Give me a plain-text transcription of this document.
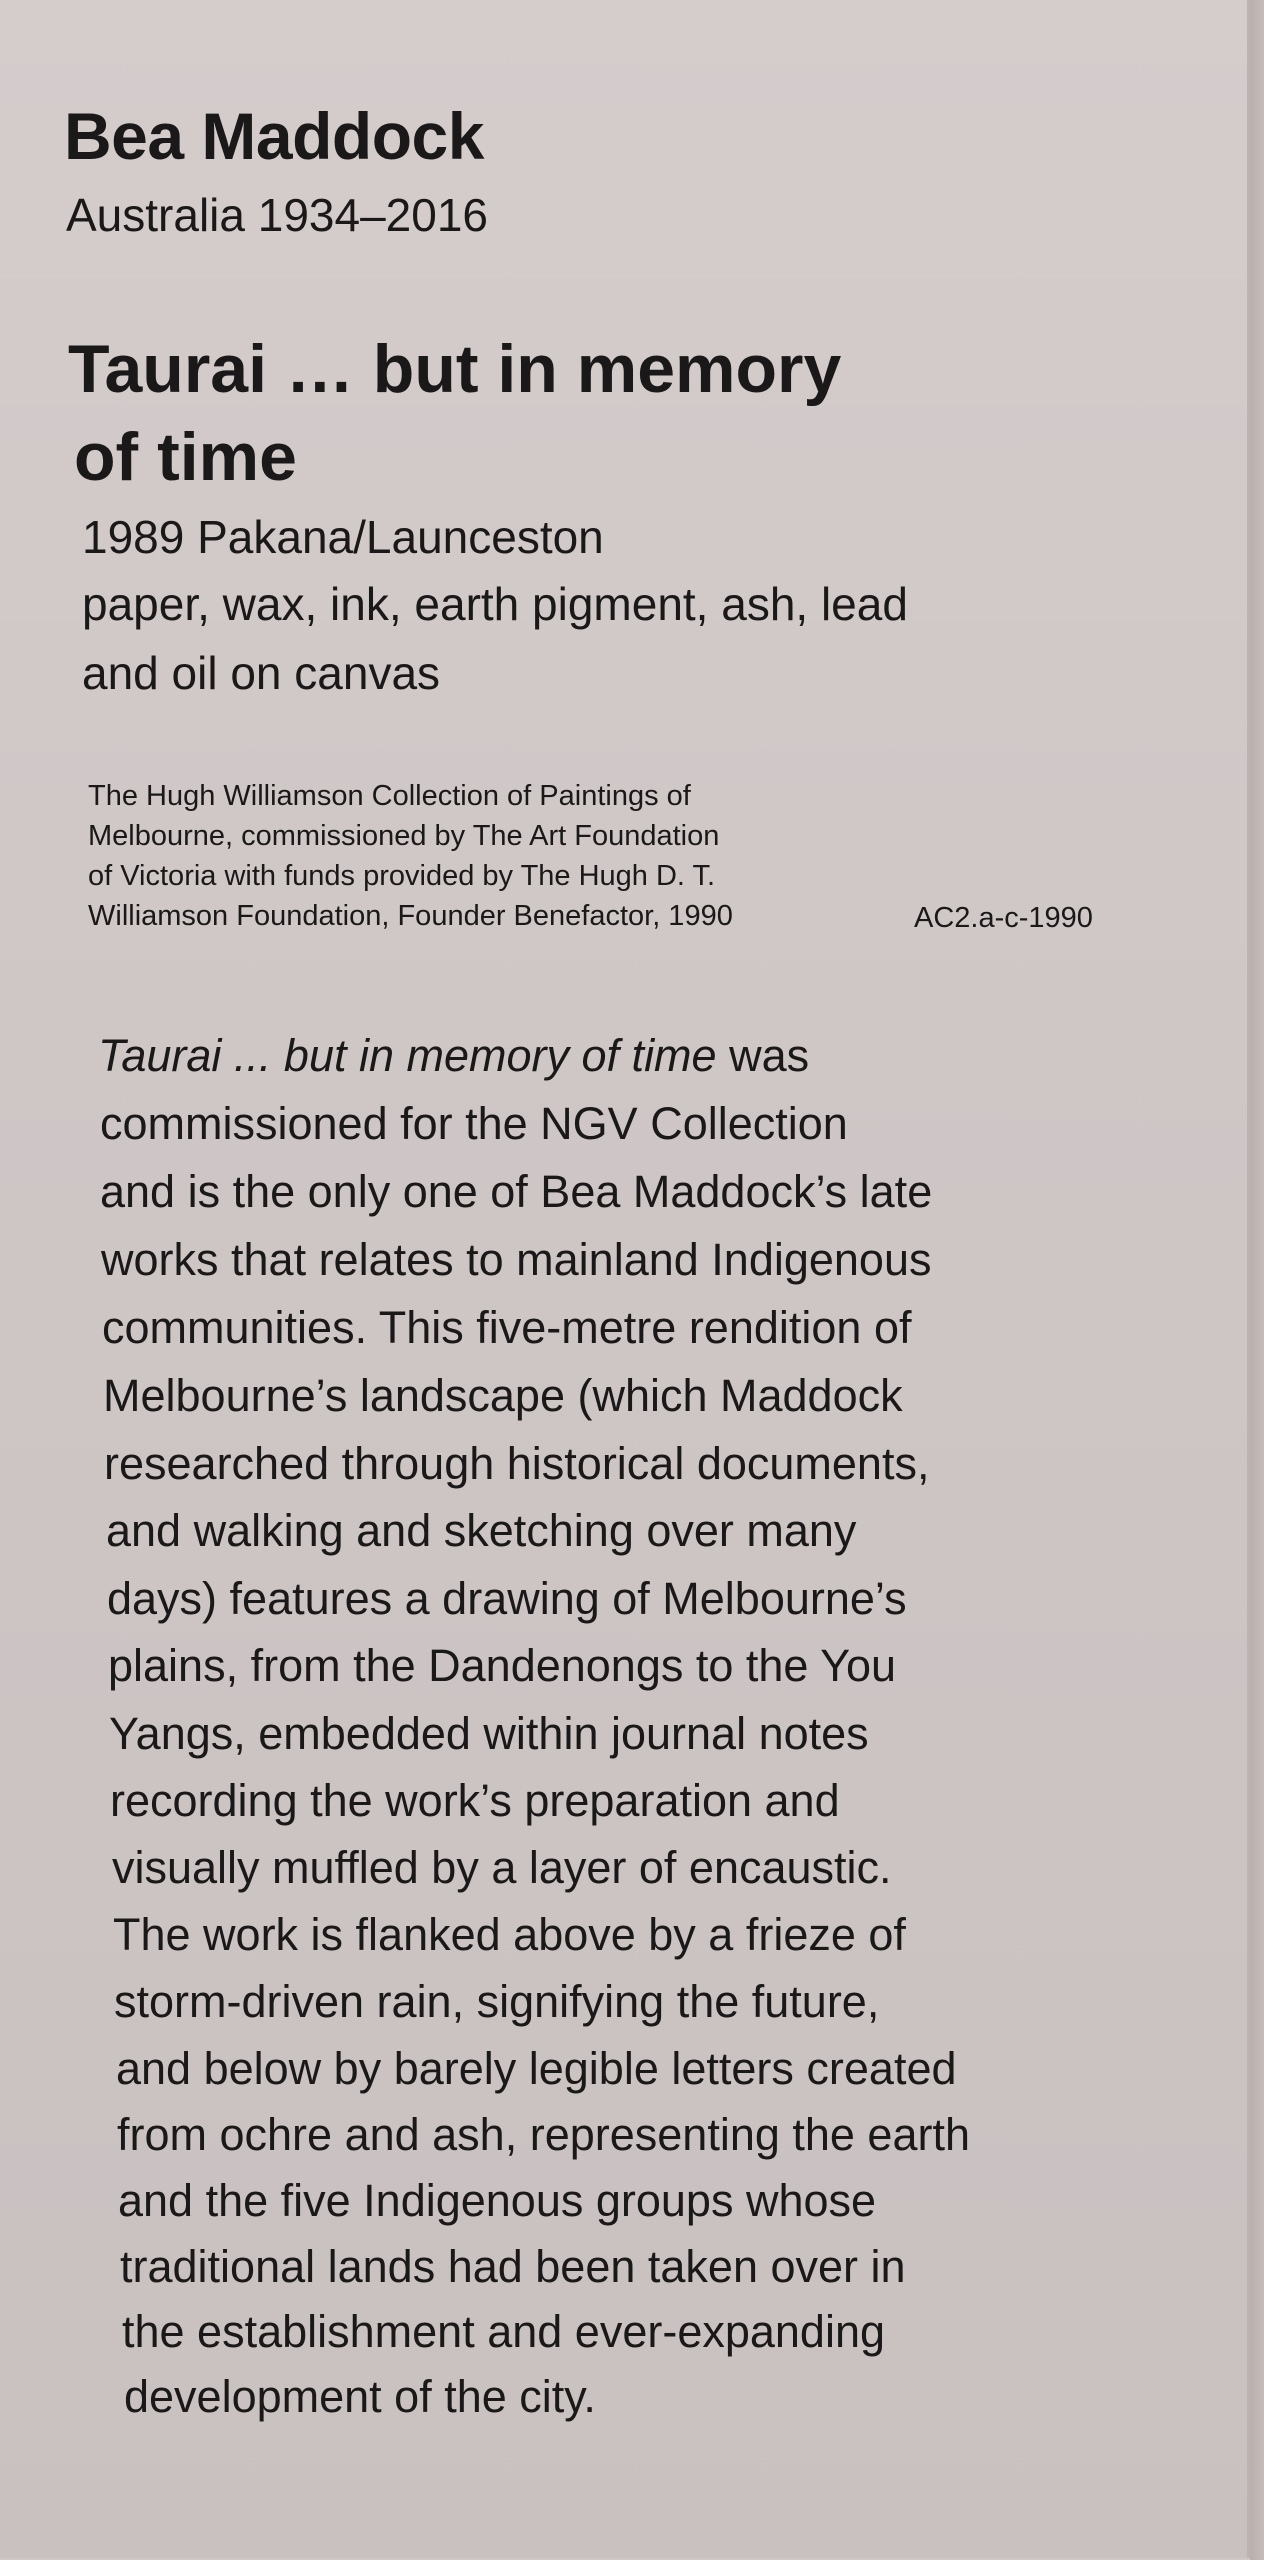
Bea Maddock

Australia 1934–2016

Taurai … but in memory

of time

1989 Pakana/Launceston

paper, wax, ink, earth pigment, ash, lead

and oil on canvas

The Hugh Williamson Collection of Paintings of

Melbourne, commissioned by The Art Foundation

of Victoria with funds provided by The Hugh D. T.

Williamson Foundation, Founder Benefactor, 1990	AC2.a-c-1990

Taurai ... but in memory of time was

commissioned for the NGV Collection

and is the only one of Bea Maddock’s late

works that relates to mainland Indigenous

communities. This five-metre rendition of

Melbourne’s landscape (which Maddock

researched through historical documents,

and walking and sketching over many

days) features a drawing of Melbourne’s

plains, from the Dandenongs to the You

Yangs, embedded within journal notes

recording the work’s preparation and

visually muffled by a layer of encaustic.

The work is flanked above by a frieze of

storm-driven rain, signifying the future,

and below by barely legible letters created

from ochre and ash, representing the earth

and the five Indigenous groups whose

traditional lands had been taken over in

the establishment and ever-expanding

development of the city.
